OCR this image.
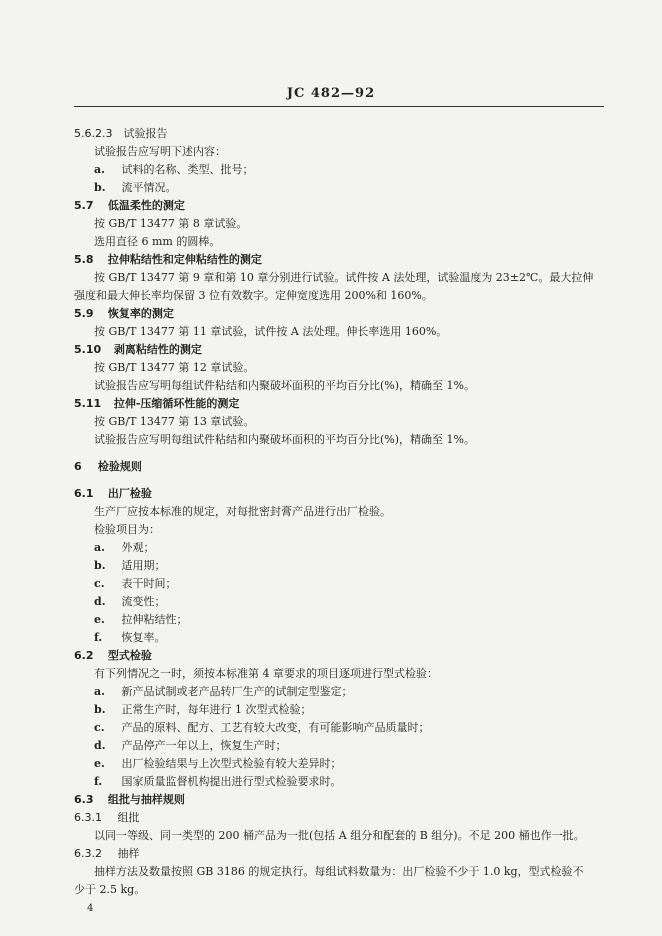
JC 482—92
5.6.2.3 试验报告
试验报告应写明下述内容：
a. 试料的名称、类型、批号；
b. 流平情况。
5.7 低温柔性的测定
按 GB/T 13477 第 8 章试验。
选用直径 6 mm 的圆棒。
5.8 拉伸粘结性和定伸粘结性的测定
按 GB/T 13477 第 9 章和第 10 章分别进行试验。试件按 A 法处理，试验温度为 23±2℃。最大拉伸
强度和最大伸长率均保留 3 位有效数字。定伸宽度选用 200%和 160%。
5.9 恢复率的测定
按 GB/T 13477 第 11 章试验，试件按 A 法处理。伸长率选用 160%。
5.10 剥离粘结性的测定
按 GB/T 13477 第 12 章试验。
试验报告应写明每组试件粘结和内聚破坏面积的平均百分比(%)，精确至 1%。
5.11 拉伸-压缩循环性能的测定
按 GB/T 13477 第 13 章试验。
试验报告应写明每组试件粘结和内聚破坏面积的平均百分比(%)，精确至 1%。
6 检验规则
6.1 出厂检验
生产厂应按本标准的规定，对每批密封膏产品进行出厂检验。
检验项目为：
a. 外观；
b. 适用期；
c. 表干时间；
d. 流变性；
e. 拉伸粘结性；
f. 恢复率。
6.2 型式检验
有下列情况之一时，须按本标准第 4 章要求的项目逐项进行型式检验：
a. 新产品试制或老产品转厂生产的试制定型鉴定；
b. 正常生产时，每年进行 1 次型式检验；
c. 产品的原料、配方、工艺有较大改变，有可能影响产品质量时；
d. 产品停产一年以上，恢复生产时；
e. 出厂检验结果与上次型式检验有较大差异时；
f. 国家质量监督机构提出进行型式检验要求时。
6.3 组批与抽样规则
6.3.1 组批
以同一等级、同一类型的 200 桶产品为一批(包括 A 组分和配套的 B 组分)。不足 200 桶也作一批。
6.3.2 抽样
抽样方法及数量按照 GB 3186 的规定执行。每组试料数量为：出厂检验不少于 1.0 kg，型式检验不
少于 2.5 kg。
4
